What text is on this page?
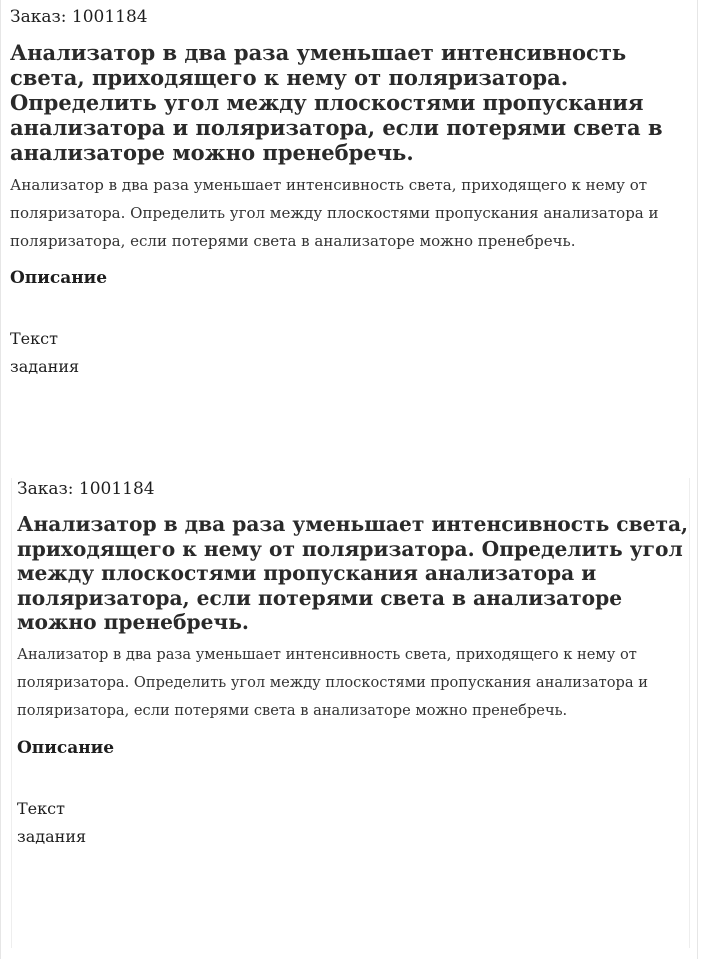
Заказ: 1001184
Анализатор в два раза уменьшает интенсивность света, приходящего к нему от поляризатора. Определить угол между плоскостями пропускания анализатора и поляризатора, если потерями света в анализаторе можно пренебречь.

Анализатор в два раза уменьшает интенсивность света, приходящего к нему от поляризатора. Определить угол между плоскостями пропускания анализатора и поляризатора, если потерями света в анализаторе можно пренебречь.

Описание
Текст задания
Заказ: 1001184
Анализатор в два раза уменьшает интенсивность света, приходящего к нему от поляризатора. Определить угол между плоскостями пропускания анализатора и поляризатора, если потерями света в анализаторе можно пренебречь.

Анализатор в два раза уменьшает интенсивность света, приходящего к нему от поляризатора. Определить угол между плоскостями пропускания анализатора и поляризатора, если потерями света в анализаторе можно пренебречь.

Описание
Текст задания
